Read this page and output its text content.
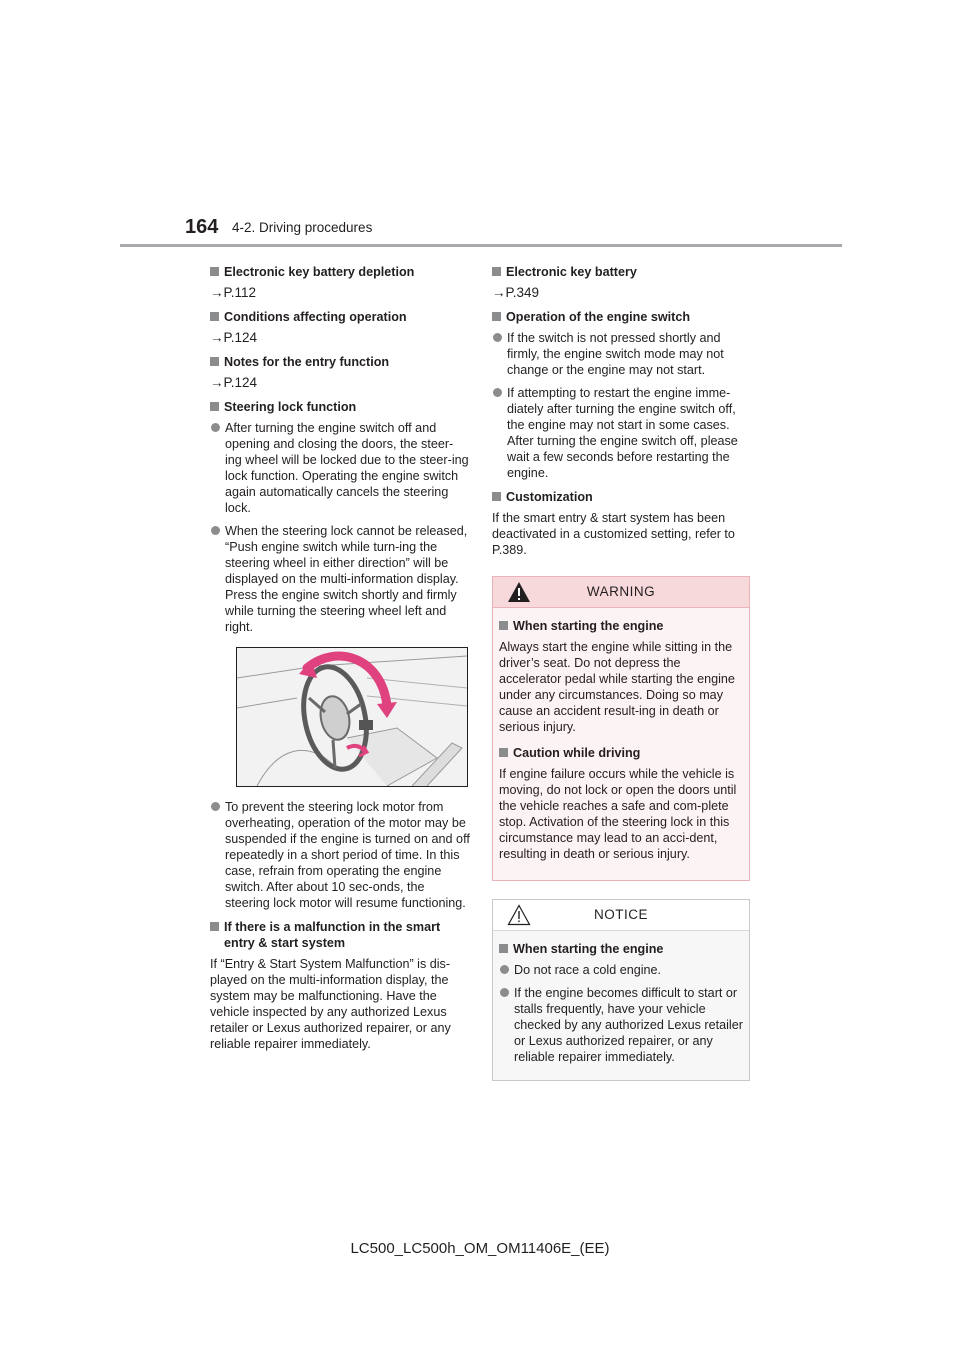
164 4-2. Driving procedures
Electronic key battery depletion
→P.112
Conditions affecting operation
→P.124
Notes for the entry function
→P.124
Steering lock function
After turning the engine switch off and opening and closing the doors, the steer-ing wheel will be locked due to the steer-ing lock function. Operating the engine switch again automatically cancels the steering lock.
When the steering lock cannot be released, “Push engine switch while turn-ing the steering wheel in either direction” will be displayed on the multi-information display.
Press the engine switch shortly and firmly while turning the steering wheel left and right.
To prevent the steering lock motor from overheating, operation of the motor may be suspended if the engine is turned on and off repeatedly in a short period of time. In this case, refrain from operating the engine switch. After about 10 sec-onds, the steering lock motor will resume functioning.
If there is a malfunction in the smart entry & start system
If “Entry & Start System Malfunction” is dis-played on the multi-information display, the system may be malfunctioning. Have the vehicle inspected by any authorized Lexus retailer or Lexus authorized repairer, or any reliable repairer immediately.
Electronic key battery
→P.349
Operation of the engine switch
If the switch is not pressed shortly and firmly, the engine switch mode may not change or the engine may not start.
If attempting to restart the engine imme-diately after turning the engine switch off, the engine may not start in some cases. After turning the engine switch off, please wait a few seconds before restarting the engine.
Customization
If the smart entry & start system has been deactivated in a customized setting, refer to P.389.
WARNING
When starting the engine
Always start the engine while sitting in the driver’s seat. Do not depress the accelerator pedal while starting the engine under any circumstances. Doing so may cause an accident result-ing in death or serious injury.
Caution while driving
If engine failure occurs while the vehicle is moving, do not lock or open the doors until the vehicle reaches a safe and com-plete stop. Activation of the steering lock in this circumstance may lead to an acci-dent, resulting in death or serious injury.
NOTICE
When starting the engine
Do not race a cold engine.
If the engine becomes difficult to start or stalls frequently, have your vehicle checked by any authorized Lexus retailer or Lexus authorized repairer, or any reliable repairer immediately.
LC500_LC500h_OM_OM11406E_(EE)
